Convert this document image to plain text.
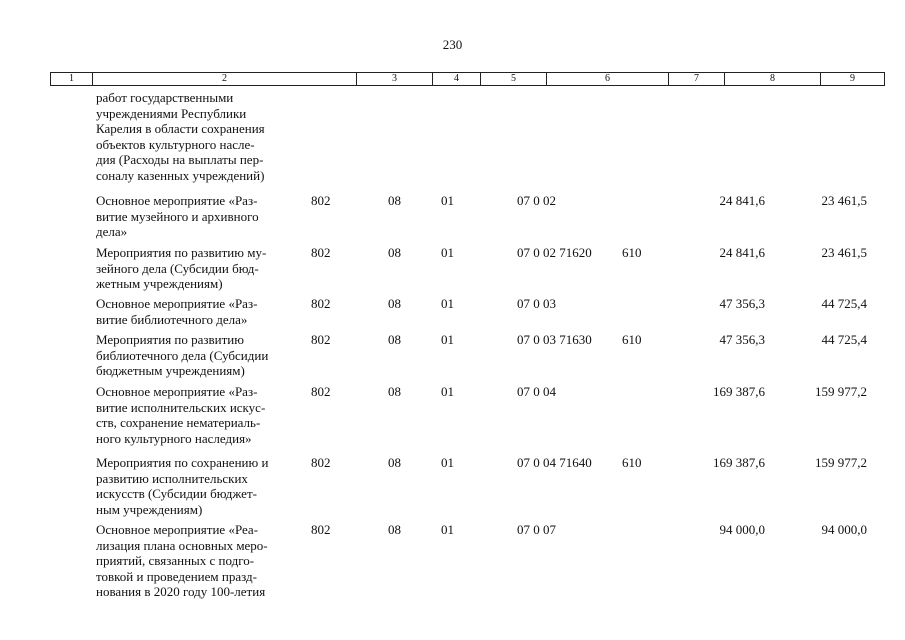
230
1	2	3	4	5	6	7	8	9
работ государственными
учреждениями Республики
Карелия в области сохранения
объектов культурного насле-
дия (Расходы на выплаты пер-
соналу казенных учреждений)
Основное мероприятие «Раз-
витие музейного и архивного
дела»
802	08	01	07 0 02	24 841,6	23 461,5
Мероприятия по развитию му-
зейного дела (Субсидии бюд-
жетным учреждениям)
802	08	01	07 0 02 71620 610	24 841,6	23 461,5
Основное мероприятие «Раз-
витие библиотечного дела»
802	08	01	07 0 03	47 356,3	44 725,4
Мероприятия по развитию
библиотечного дела (Субсидии
бюджетным учреждениям)
802	08	01	07 0 03 71630 610	47 356,3	44 725,4
Основное мероприятие «Раз-
витие исполнительских искус-
ств, сохранение нематериаль-
ного культурного наследия»
802	08	01	07 0 04	169 387,6	159 977,2
Мероприятия по сохранению и
развитию исполнительских
искусств (Субсидии бюджет-
ным учреждениям)
802	08	01	07 0 04 71640 610	169 387,6	159 977,2
Основное мероприятие «Реа-
лизация плана основных меро-
приятий, связанных с подго-
товкой и проведением празд-
нования в 2020 году 100-летия
802	08	01	07 0 07	94 000,0	94 000,0
